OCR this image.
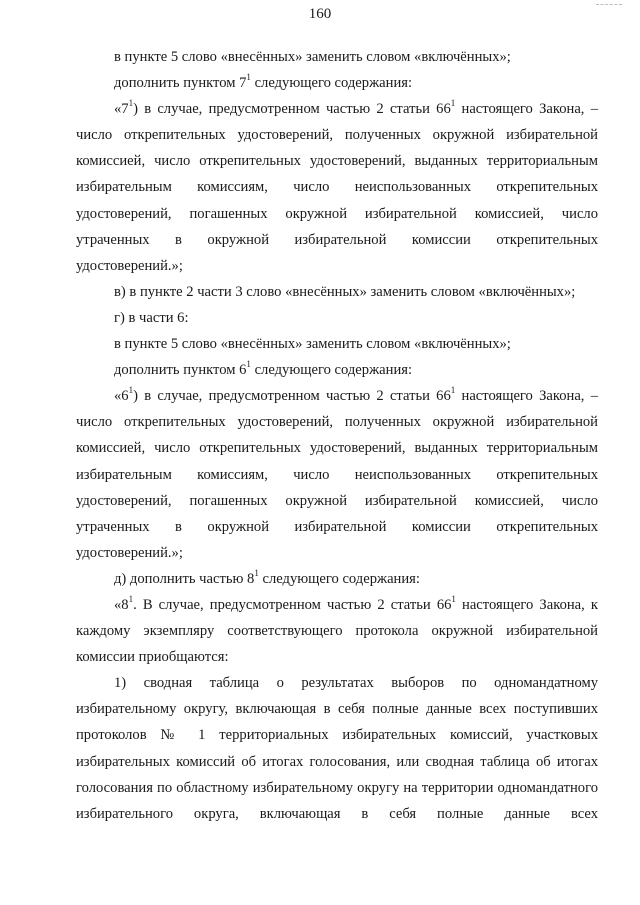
160

в пункте 5 слово «внесённых» заменить словом «включённых»;

дополнить пунктом $7^1$ следующего содержания:

«$7^1$) в случае, предусмотренном частью 2 статьи $66^1$ настоящего Закона, – число открепительных удостоверений, полученных окружной избирательной комиссией, число открепительных удостоверений, выданных территориальным избирательным комиссиям, число неиспользованных открепительных удостоверений, погашенных окружной избирательной комиссией, число утраченных в окружной избирательной комиссии открепительных удостоверений.»;

в) в пункте 2 части 3 слово «внесённых» заменить словом «включённых»;

г) в части 6:

в пункте 5 слово «внесённых» заменить словом «включённых»;

дополнить пунктом $6^1$ следующего содержания:

«$6^1$) в случае, предусмотренном частью 2 статьи $66^1$ настоящего Закона, – число открепительных удостоверений, полученных окружной избирательной комиссией, число открепительных удостоверений, выданных территориальным избирательным комиссиям, число неиспользованных открепительных удостоверений, погашенных окружной избирательной комиссией, число утраченных в окружной избирательной комиссии открепительных удостоверений.»;

д) дополнить частью $8^1$ следующего содержания:

«$8^1$. В случае, предусмотренном частью 2 статьи $66^1$ настоящего Закона, к каждому экземпляру соответствующего протокола окружной избирательной комиссии приобщаются:

1) сводная таблица о результатах выборов по одномандатному избирательному округу, включающая в себя полные данные всех поступивших протоколов № 1 территориальных избирательных комиссий, участковых избирательных комиссий об итогах голосования, или сводная таблица об итогах голосования по областному избирательному округу на территории одномандатного избирательного округа, включающая в себя полные данные всех
